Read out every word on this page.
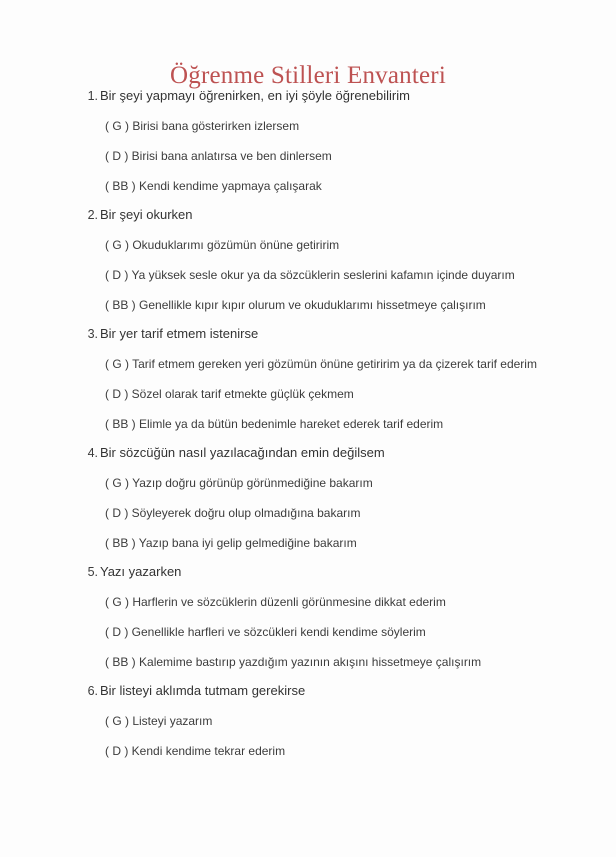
Öğrenme Stilleri Envanteri
1. Bir şeyi yapmayı öğrenirken, en iyi şöyle öğrenebilirim
( G ) Birisi bana gösterirken izlersem
( D ) Birisi bana anlatırsa ve ben dinlersem
( BB ) Kendi kendime yapmaya çalışarak
2. Bir şeyi okurken
( G ) Okuduklarımı gözümün önüne getiririm
( D ) Ya yüksek sesle okur ya da sözcüklerin seslerini kafamın içinde duyarım
( BB ) Genellikle kıpır kıpır olurum ve okuduklarımı hissetmeye çalışırım
3. Bir yer tarif etmem istenirse
( G ) Tarif etmem gereken yeri gözümün önüne getiririm ya da çizerek tarif ederim
( D ) Sözel olarak tarif etmekte güçlük çekmem
( BB ) Elimle ya da bütün bedenimle hareket ederek tarif ederim
4. Bir sözcüğün nasıl yazılacağından emin değilsem
( G ) Yazıp doğru görünüp görünmediğine bakarım
( D ) Söyleyerek doğru olup olmadığına bakarım
( BB ) Yazıp bana iyi gelip gelmediğine bakarım
5. Yazı yazarken
( G ) Harflerin ve sözcüklerin düzenli görünmesine dikkat ederim
( D ) Genellikle harfleri ve sözcükleri kendi kendime söylerim
( BB ) Kalemime bastırıp yazdığım yazının akışını hissetmeye çalışırım
6. Bir listeyi aklımda tutmam gerekirse
( G ) Listeyi yazarım
( D ) Kendi kendime tekrar ederim
